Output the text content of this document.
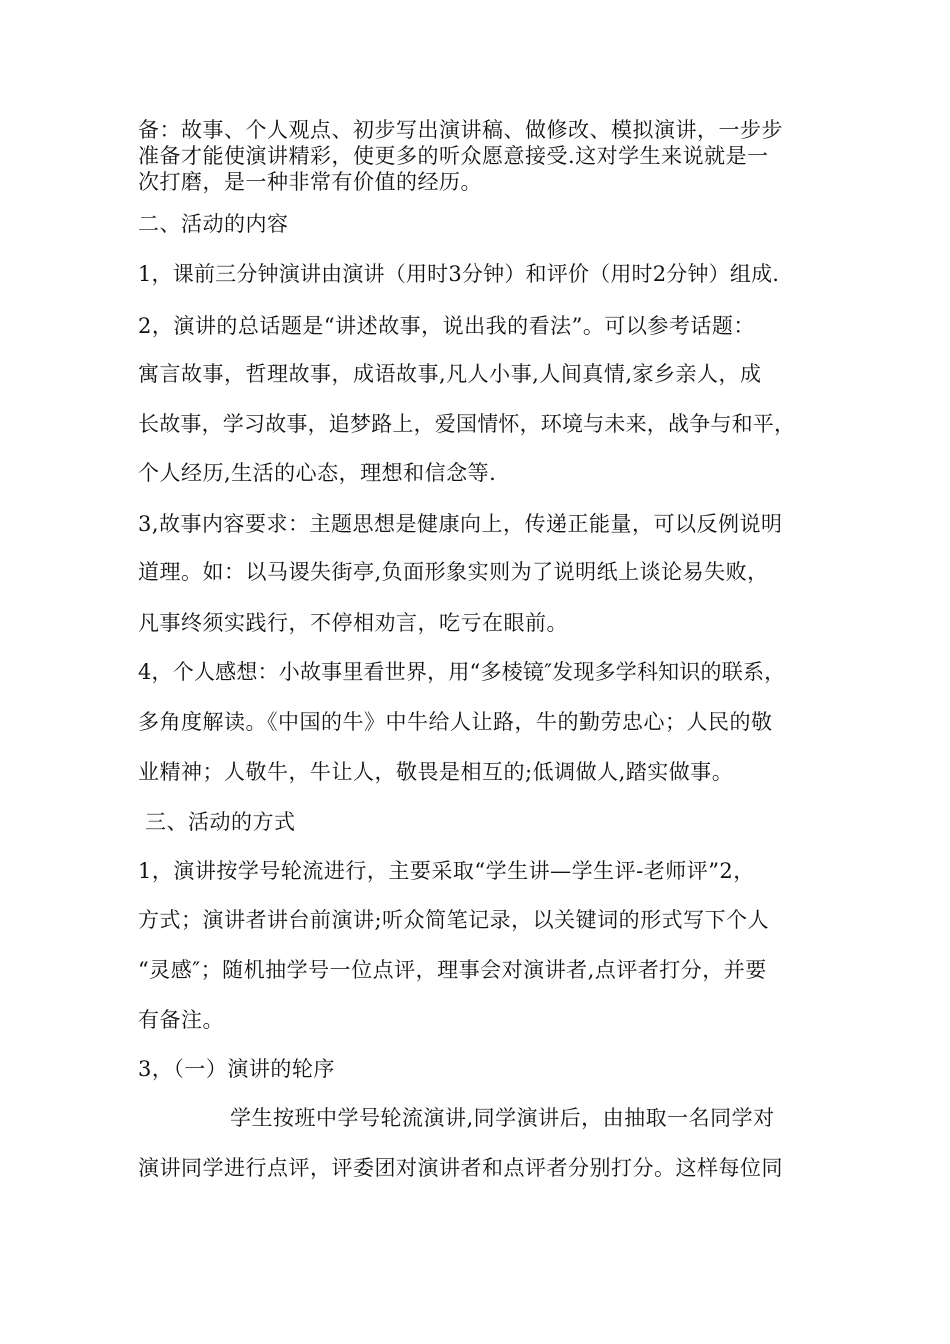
备：故事、个人观点、初步写出演讲稿、做修改、模拟演讲，一步步
准备才能使演讲精彩，使更多的听众愿意接受.这对学生来说就是一
次打磨，是一种非常有价值的经历。
二、活动的内容
1，课前三分钟演讲由演讲（用时3分钟）和评价（用时2分钟）组成.
2，演讲的总话题是“讲述故事，说出我的看法”。可以参考话题：
寓言故事，哲理故事，成语故事,凡人小事,人间真情,家乡亲人，成
长故事，学习故事，追梦路上，爱国情怀，环境与未来，战争与和平，
个人经历,生活的心态，理想和信念等.
3,故事内容要求：主题思想是健康向上，传递正能量，可以反例说明
道理。如：以马谡失街亭,负面形象实则为了说明纸上谈论易失败，
凡事终须实践行，不停相劝言，吃亏在眼前。
4，个人感想：小故事里看世界，用“多棱镜″发现多学科知识的联系，
多角度解读。《中国的牛》中牛给人让路，牛的勤劳忠心；人民的敬
业精神；人敬牛，牛让人，敬畏是相互的;低调做人,踏实做事。
三、活动的方式
1，演讲按学号轮流进行，主要采取“学生讲—学生评-老师评”2，
方式；演讲者讲台前演讲;听众简笔记录，以关键词的形式写下个人
“灵感″；随机抽学号一位点评，理事会对演讲者,点评者打分，并要
有备注。
3，（一）演讲的轮序
学生按班中学号轮流演讲,同学演讲后，由抽取一名同学对
演讲同学进行点评，评委团对演讲者和点评者分别打分。这样每位同
